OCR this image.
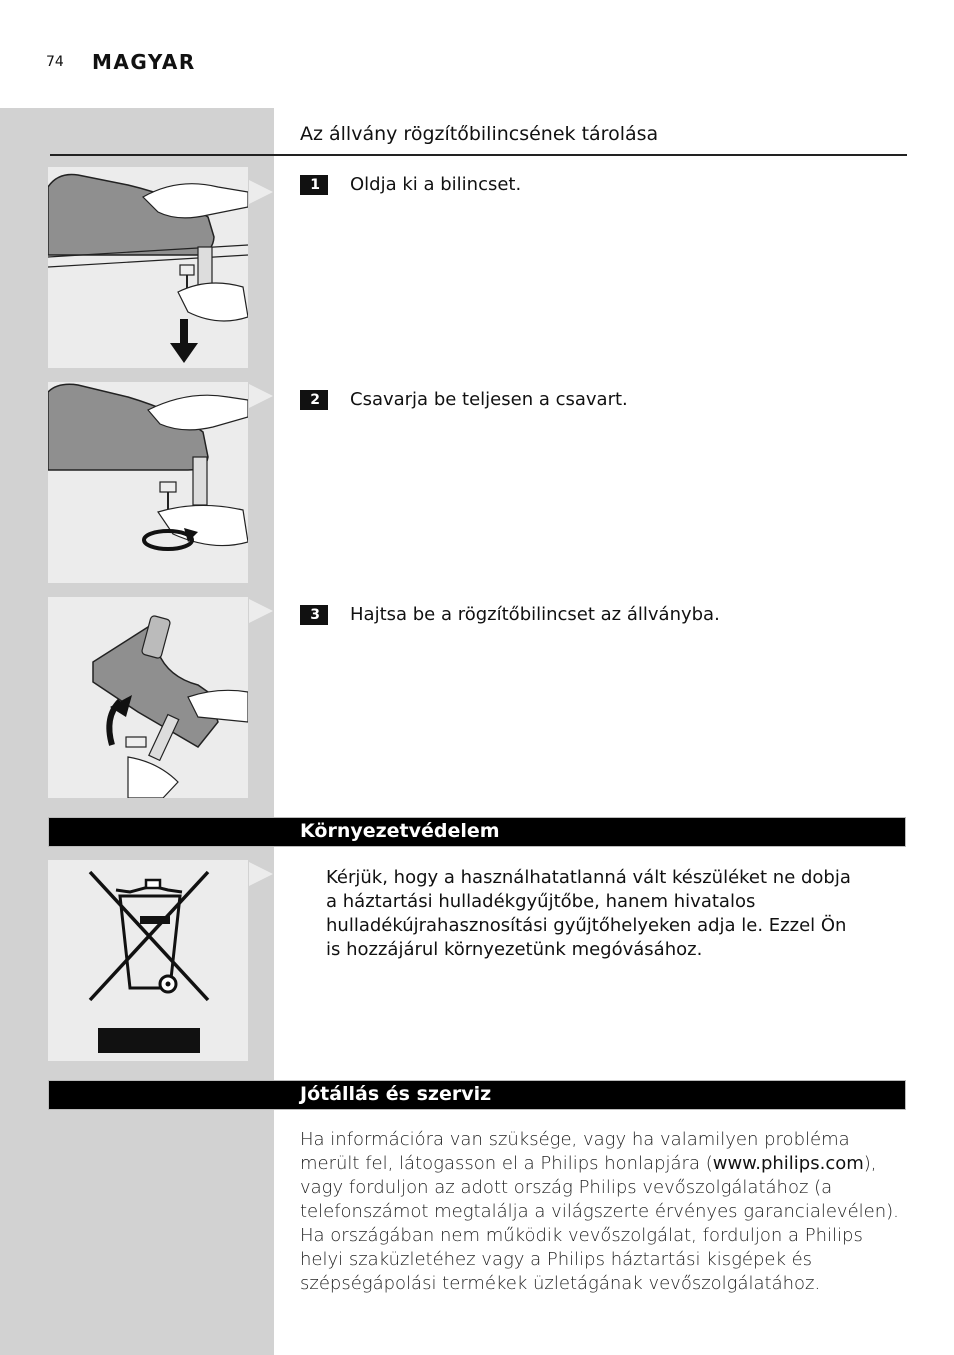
74 MAGYAR
Az állvány rögzítőbilincsének tárolása
1	Oldja ki a bilincset.
2	Csavarja be teljesen a csavart.
3	Hajtsa be a rögzítőbilincset az állványba.
Környezetvédelem
Kérjük, hogy a használhatatlanná vált készüléket ne dobja a háztartási hulladékgyűjtőbe, hanem hivatalos hulladékújrahasznosítási gyűjtőhelyeken adja le. Ezzel Ön is hozzájárul környezetünk megóvásához.
Jótállás és szerviz
Ha információra van szüksége, vagy ha valamilyen probléma merült fel, látogasson el a Philips honlapjára (www.philips.com), vagy forduljon az adott ország Philips vevőszolgálatához (a telefonszámot megtalálja a világszerte érvényes garancialevélen). Ha országában nem működik vevőszolgálat, forduljon a Philips helyi szaküzletéhez vagy a Philips háztartási kisgépek és szépségápolási termékek üzletágának vevőszolgálatához.
